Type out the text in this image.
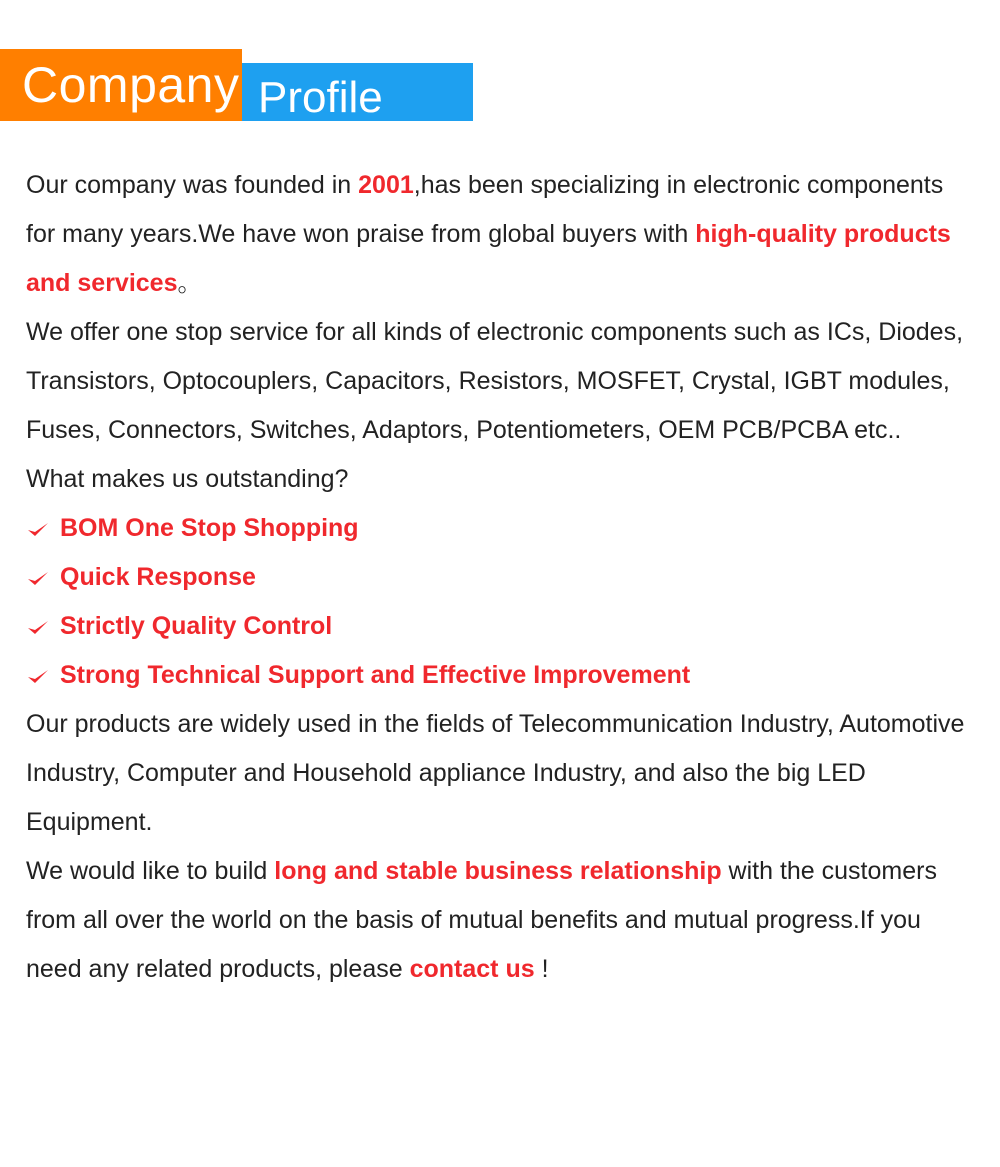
Company Profile

Our company was founded in 2001,has been specializing in electronic components for many years.We have won praise from global buyers with high-quality products and services。

We offer one stop service for all kinds of electronic components such as ICs, Diodes, Transistors, Optocouplers, Capacitors, Resistors, MOSFET, Crystal, IGBT modules, Fuses, Connectors, Switches, Adaptors, Potentiometers, OEM PCB/PCBA etc..

What makes us outstanding?

BOM One Stop Shopping
Quick Response
Strictly Quality Control
Strong Technical Support and Effective Improvement

Our products are widely used in the fields of Telecommunication Industry, Automotive Industry, Computer and Household appliance Industry, and also the big LED Equipment.

We would like to build long and stable business relationship with the customers from all over the world on the basis of mutual benefits and mutual progress.If you need any related products, please contact us !
